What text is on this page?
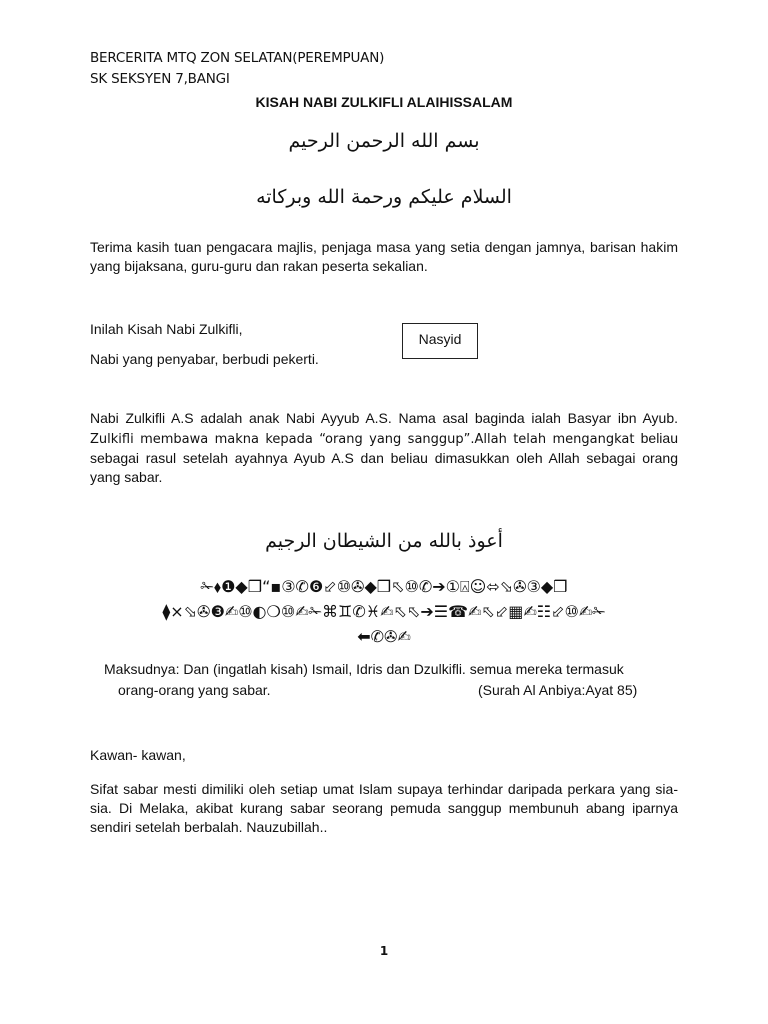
BERCERITA MTQ ZON SELATAN(PEREMPUAN)
SK SEKSYEN 7,BANGI
KISAH NABI ZULKIFLI ALAIHISSALAM
بسم الله الرحمن الرحيم
السلام عليكم ورحمة الله وبركاته
Terima kasih tuan pengacara majlis, penjaga masa yang setia dengan jamnya, barisan hakim yang bijaksana, guru-guru dan rakan peserta sekalian.
Inilah Kisah Nabi Zulkifli,
Nabi yang penyabar, berbudi pekerti.
Nasyid
Nabi Zulkifli A.S adalah anak Nabi Ayyub A.S. Nama asal baginda ialah Basyar ibn Ayub. Zulkifli membawa makna kepada “orang yang sanggup”.Allah telah mengangkat beliau sebagai rasul setelah ayahnya Ayub A.S dan beliau dimasukkan oleh Allah sebagai orang yang sabar.
أعوذ بالله من الشيطان الرجيم
✁⬧❶◆❒“▪③✆❻⬃⑩✇◆❒⬁⑩✆➔①⍓☺⬄⬂✇③◆❒
⧫×⬂✇❸✍⑩◐❍⑩✍✁⌘♊✆♓✍⬁⬁➔☰☎✍⬁⬃▦✍☷⬃⑩✍✁
⬅✆✇✍
Maksudnya: Dan (ingatlah kisah) Ismail, Idris dan Dzulkifli. semua mereka termasuk
orang-orang yang sabar.	(Surah Al Anbiya:Ayat 85)
Kawan- kawan,
Sifat sabar mesti dimiliki oleh setiap umat Islam supaya terhindar daripada perkara yang sia-sia. Di Melaka, akibat kurang sabar seorang pemuda sanggup membunuh abang iparnya sendiri setelah berbalah. Nauzubillah..
1
